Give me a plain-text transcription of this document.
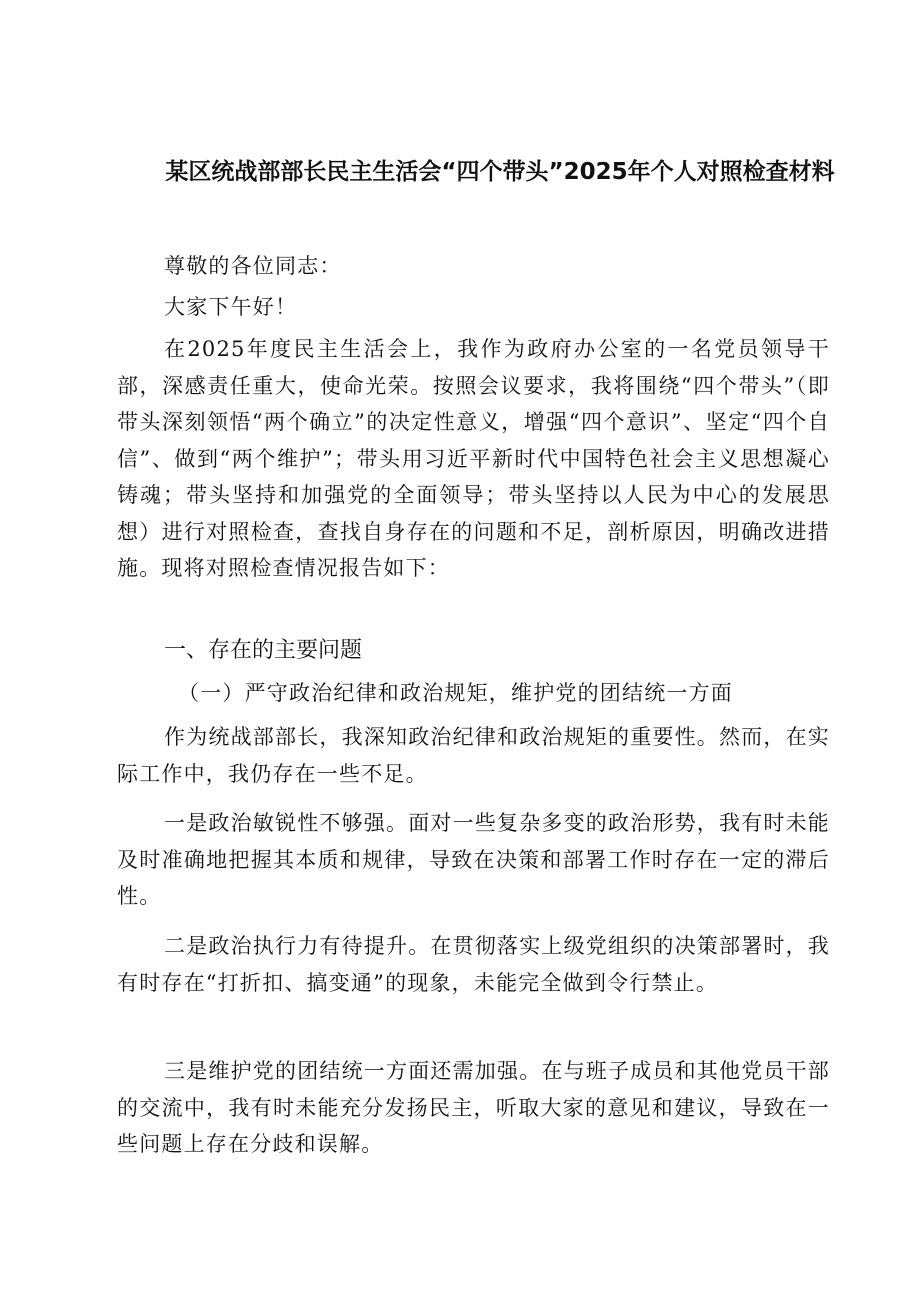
某区统战部部长民主生活会“四个带头”2025年个人对照检查材料

尊敬的各位同志：

大家下午好！

在2025年度民主生活会上，我作为政府办公室的一名党员领导干部，深感责任重大，使命光荣。按照会议要求，我将围绕“四个带头”（即带头深刻领悟“两个确立”的决定性意义，增强“四个意识”、坚定“四个自信”、做到“两个维护”；带头用习近平新时代中国特色社会主义思想凝心铸魂；带头坚持和加强党的全面领导；带头坚持以人民为中心的发展思想）进行对照检查，查找自身存在的问题和不足，剖析原因，明确改进措施。现将对照检查情况报告如下：

一、存在的主要问题

（一）严守政治纪律和政治规矩，维护党的团结统一方面

作为统战部部长，我深知政治纪律和政治规矩的重要性。然而，在实际工作中，我仍存在一些不足。

一是政治敏锐性不够强。面对一些复杂多变的政治形势，我有时未能及时准确地把握其本质和规律，导致在决策和部署工作时存在一定的滞后性。

二是政治执行力有待提升。在贯彻落实上级党组织的决策部署时，我有时存在“打折扣、搞变通”的现象，未能完全做到令行禁止。

三是维护党的团结统一方面还需加强。在与班子成员和其他党员干部的交流中，我有时未能充分发扬民主，听取大家的意见和建议，导致在一些问题上存在分歧和误解。
